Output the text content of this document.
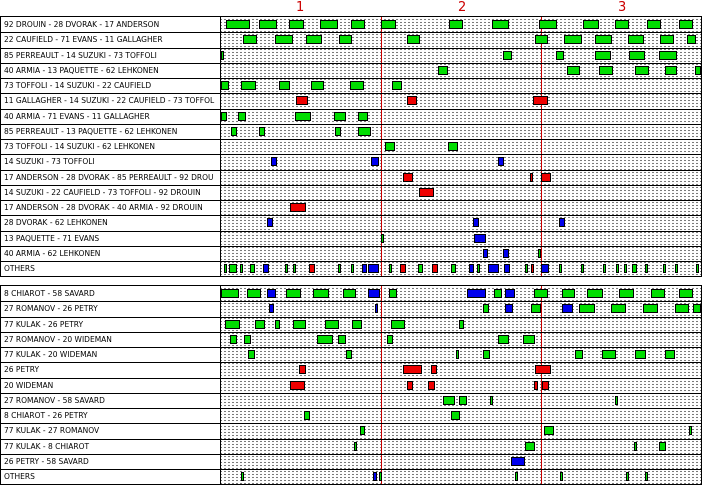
1	2	3
92 DROUIN - 28 DVORAK - 17 ANDERSON
22 CAUFIELD - 71 EVANS - 11 GALLAGHER
85 PERREAULT - 14 SUZUKI - 73 TOFFOLI
40 ARMIA - 13 PAQUETTE - 62 LEHKONEN
73 TOFFOLI - 14 SUZUKI - 22 CAUFIELD
11 GALLAGHER - 14 SUZUKI - 22 CAUFIELD - 73 TOFFOL
40 ARMIA - 71 EVANS - 11 GALLAGHER
85 PERREAULT - 13 PAQUETTE - 62 LEHKONEN
73 TOFFOLI - 14 SUZUKI - 62 LEHKONEN
14 SUZUKI - 73 TOFFOLI
17 ANDERSON - 28 DVORAK - 85 PERREAULT - 92 DROU
14 SUZUKI - 22 CAUFIELD - 73 TOFFOLI - 92 DROUIN
17 ANDERSON - 28 DVORAK - 40 ARMIA - 92 DROUIN
28 DVORAK - 62 LEHKONEN
13 PAQUETTE - 71 EVANS
40 ARMIA - 62 LEHKONEN
OTHERS
8 CHIAROT - 58 SAVARD
27 ROMANOV - 26 PETRY
77 KULAK - 26 PETRY
27 ROMANOV - 20 WIDEMAN
77 KULAK - 20 WIDEMAN
26 PETRY
20 WIDEMAN
27 ROMANOV - 58 SAVARD
8 CHIAROT - 26 PETRY
77 KULAK - 27 ROMANOV
77 KULAK - 8 CHIAROT
26 PETRY - 58 SAVARD
OTHERS
